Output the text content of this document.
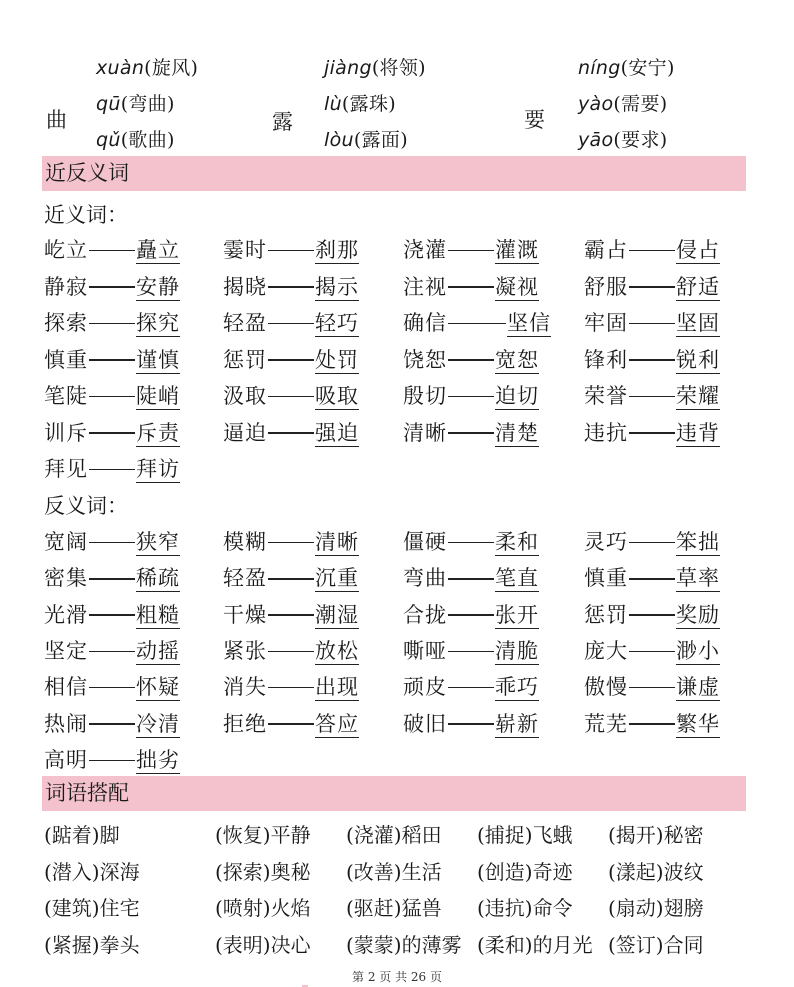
曲
xuàn(旋风)
qū(弯曲)
qǔ(歌曲)
露
jiàng(将领)
lù(露珠)
lòu(露面)
要
níng(安宁)
yào(需要)
yāo(要求)
近反义词
近义词：
屹立 矗立 霎时 刹那 浇灌 灌溉 霸占 侵占
静寂 安静 揭晓 揭示 注视 凝视 舒服 舒适
探索 探究 轻盈 轻巧 确信	坚信 牢固 坚固
慎重 谨慎 惩罚 处罚 饶恕 宽恕 锋利 锐利
笔陡 陡峭 汲取 吸取 殷切 迫切 荣誉 荣耀
训斥 斥责 逼迫 强迫 清晰 清楚 违抗 违背
拜见 拜访
反义词：
宽阔 狭窄 模糊 清晰 僵硬 柔和 灵巧 笨拙
密集 稀疏 轻盈 沉重 弯曲 笔直 慎重 草率
光滑 粗糙 干燥 潮湿 合拢 张开 惩罚 奖励
坚定 动摇 紧张 放松 嘶哑 清脆 庞大 渺小
相信 怀疑 消失 出现 顽皮 乖巧 傲慢 谦虚
热闹 冷清 拒绝 答应 破旧 崭新 荒芜 繁华
高明 拙劣
词语搭配
(踮着)脚	(恢复)平静 (浇灌)稻田 (捕捉)飞蛾 (揭开)秘密
(潜入)深海	(探索)奥秘 (改善)生活 (创造)奇迹 (漾起)波纹
(建筑)住宅	(喷射)火焰 (驱赶)猛兽 (违抗)命令 (扇动)翅膀
(紧握)拳头	(表明)决心 (蒙蒙)的薄雾 (柔和)的月光 (签订)合同
第 2 页 共 26 页
